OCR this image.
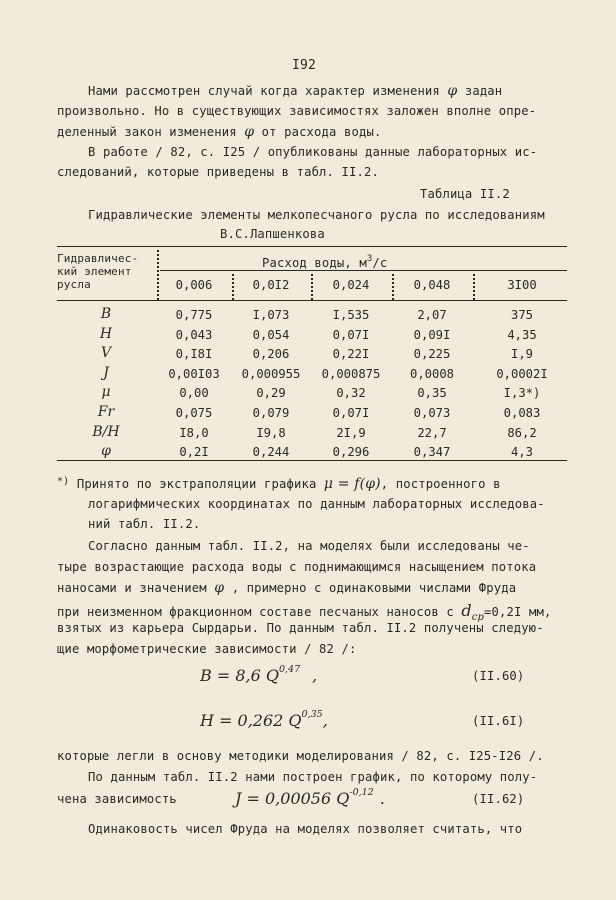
I92
Нами рассмотрен случай когда характер изменения φ задан
произвольно. Но в существующих зависимостях заложен вполне опре-
деленный закон изменения φ от расхода воды.
В работе / 82, с. I25 / опубликованы данные лабораторных ис-
следований, которые приведены в табл. II.2.
Таблица II.2
Гидравлические элементы мелкопесчаного русла по исследованиям
В.С.Лапшенкова
Гидравличес-
кий элемент
русла
Расход воды, $м^3/с$
0,006	0,0I2	0,024	0,048	3I00
B	0,775	I,073	I,535	2,07	375
H	0,043	0,054	0,07I	0,09I	4,35
V	0,I8I	0,206	0,22I	0,225	I,9
J	0,00I03	0,000955	0,000875	0,0008	0,0002I
μ	0,00	0,29	0,32	0,35	I,3*)
Fr	0,075	0,079	0,07I	0,073	0,083
B/H	I8,0	I9,8	2I,9	22,7	86,2
φ	0,2I	0,244	0,296	0,347	4,3
*) Принято по экстраполяции графика μ = f(φ), построенного в
логарифмических координатах по данным лабораторных исследова-
ний табл. II.2.
Согласно данным табл. II.2, на моделях были исследованы че-
тыре возрастающие расхода воды с поднимающимся насыщением потока
наносами и значением φ , примерно с одинаковыми числами Фруда
при неизменном фракционном составе песчаных наносов с $d_{ср}=0,2I$ мм,
взятых из карьера Сырдарьи. По данным табл. II.2 получены следую-
щие морфометрические зависимости / 82 /:
B = 8,6 Q$^{0,47}$ ,	(II.60)
H = 0,262 Q$^{0,35}$,	(II.6I)
которые легли в основу методики моделирования / 82, с. I25-I26 /.
По данным табл. II.2 нами построен график, по которому полу-
чена зависимость	J = 0,00056 $Q^{-0,12}$ .	(II.62)
Одинаковость чисел Фруда на моделях позволяет считать, что
